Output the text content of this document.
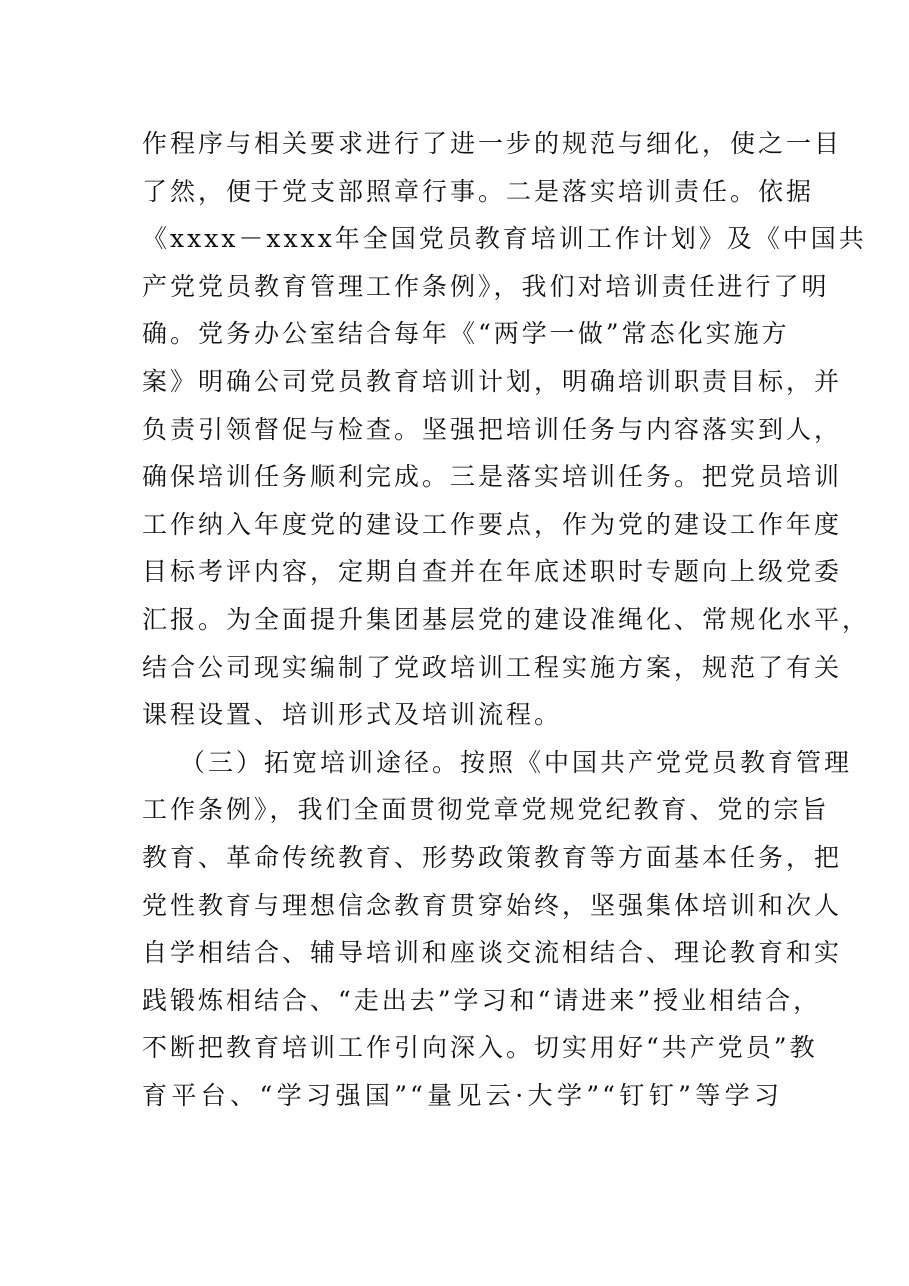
作程序与相关要求进行了进一步的规范与细化，使之一目
了然，便于党支部照章行事。二是落实培训责任。依据
《xxxx－xxxx年全国党员教育培训工作计划》及《中国共
产党党员教育管理工作条例》，我们对培训责任进行了明
确。党务办公室结合每年《“两学一做”常态化实施方
案》明确公司党员教育培训计划，明确培训职责目标，并
负责引领督促与检查。坚强把培训任务与内容落实到人，
确保培训任务顺利完成。三是落实培训任务。把党员培训
工作纳入年度党的建设工作要点，作为党的建设工作年度
目标考评内容，定期自查并在年底述职时专题向上级党委
汇报。为全面提升集团基层党的建设准绳化、常规化水平，
结合公司现实编制了党政培训工程实施方案，规范了有关
课程设置、培训形式及培训流程。
（三）拓宽培训途径。按照《中国共产党党员教育管理
工作条例》，我们全面贯彻党章党规党纪教育、党的宗旨
教育、革命传统教育、形势政策教育等方面基本任务，把
党性教育与理想信念教育贯穿始终，坚强集体培训和次人
自学相结合、辅导培训和座谈交流相结合、理论教育和实
践锻炼相结合、“走出去”学习和“请进来”授业相结合，
不断把教育培训工作引向深入。切实用好“共产党员”教
育平台、“学习强国”“量见云·大学”“钉钉”等学习
